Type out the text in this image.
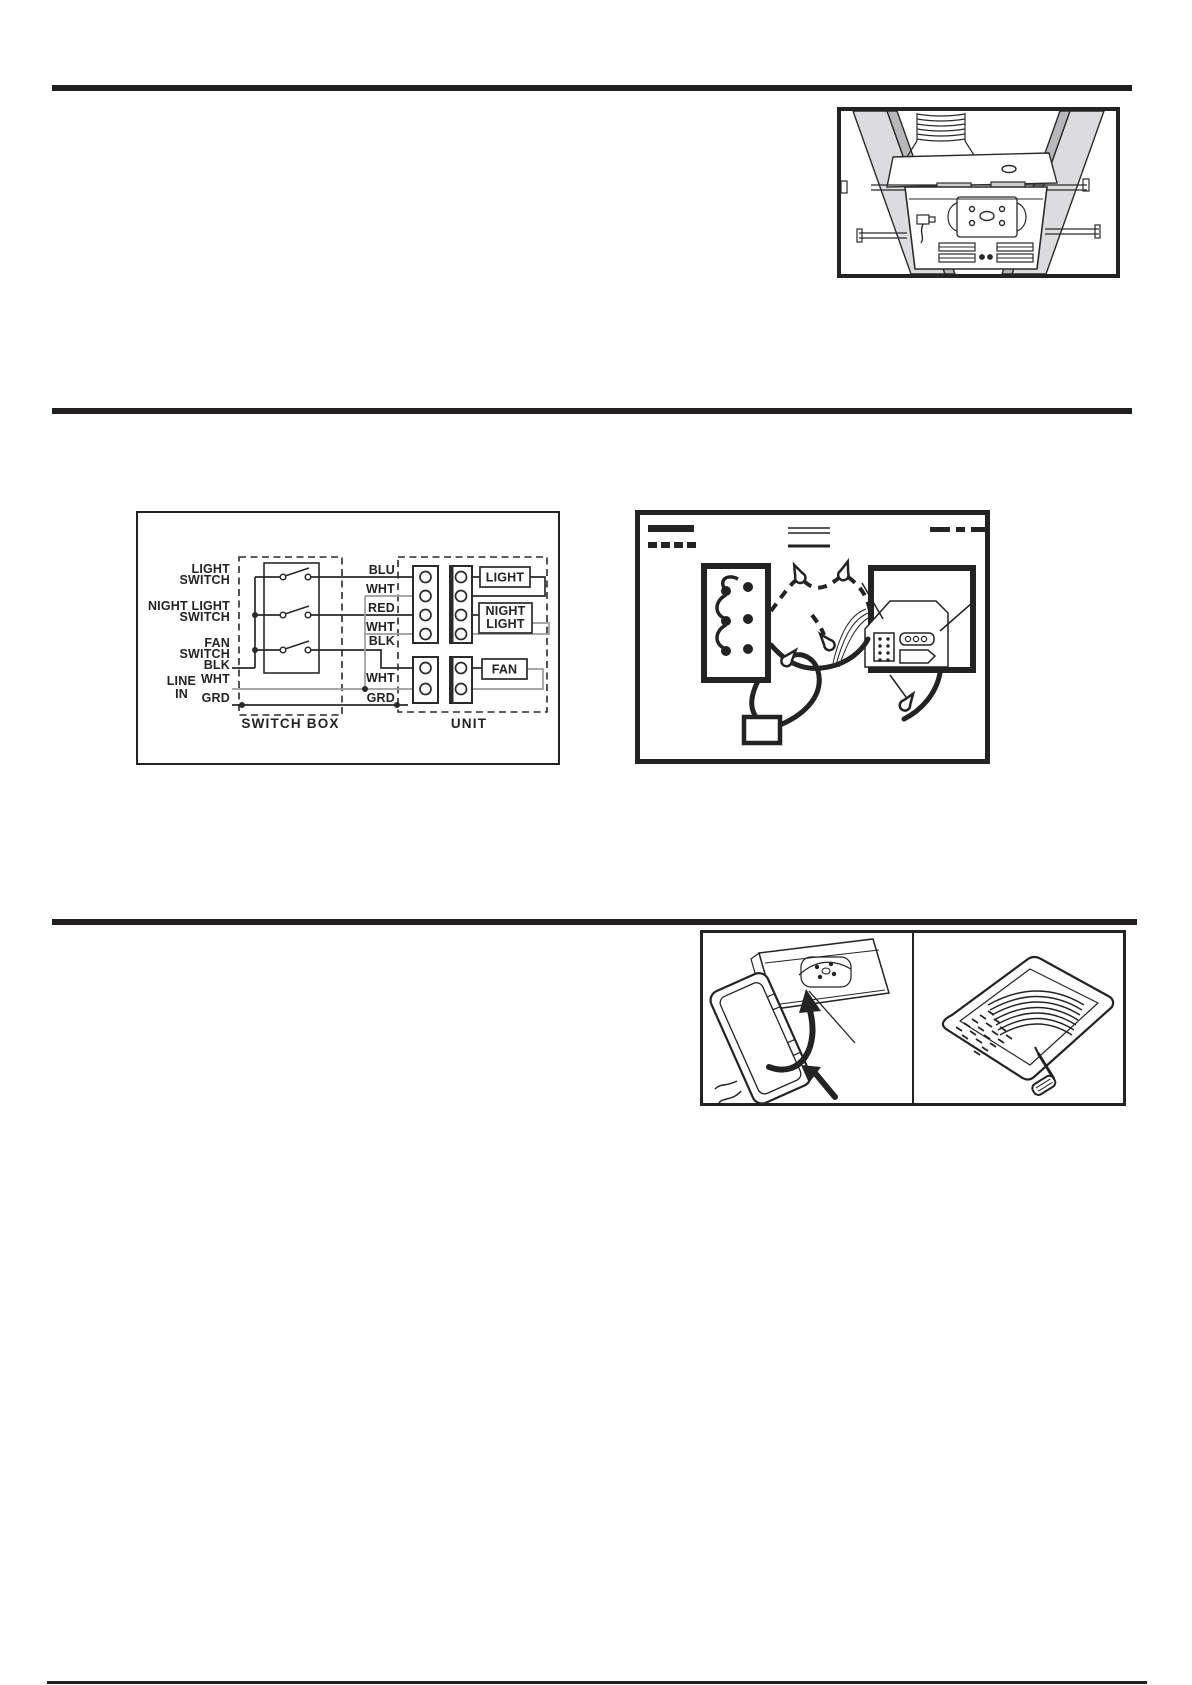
LIGHT
SWITCH
NIGHT LIGHT
SWITCH
FAN
SWITCH
BLK
LINE
IN
WHT
GRD
BLU
WHT
RED
WHT
BLK
WHT
GRD
LIGHT
NIGHT
LIGHT
FAN
SWITCH BOX	UNIT
